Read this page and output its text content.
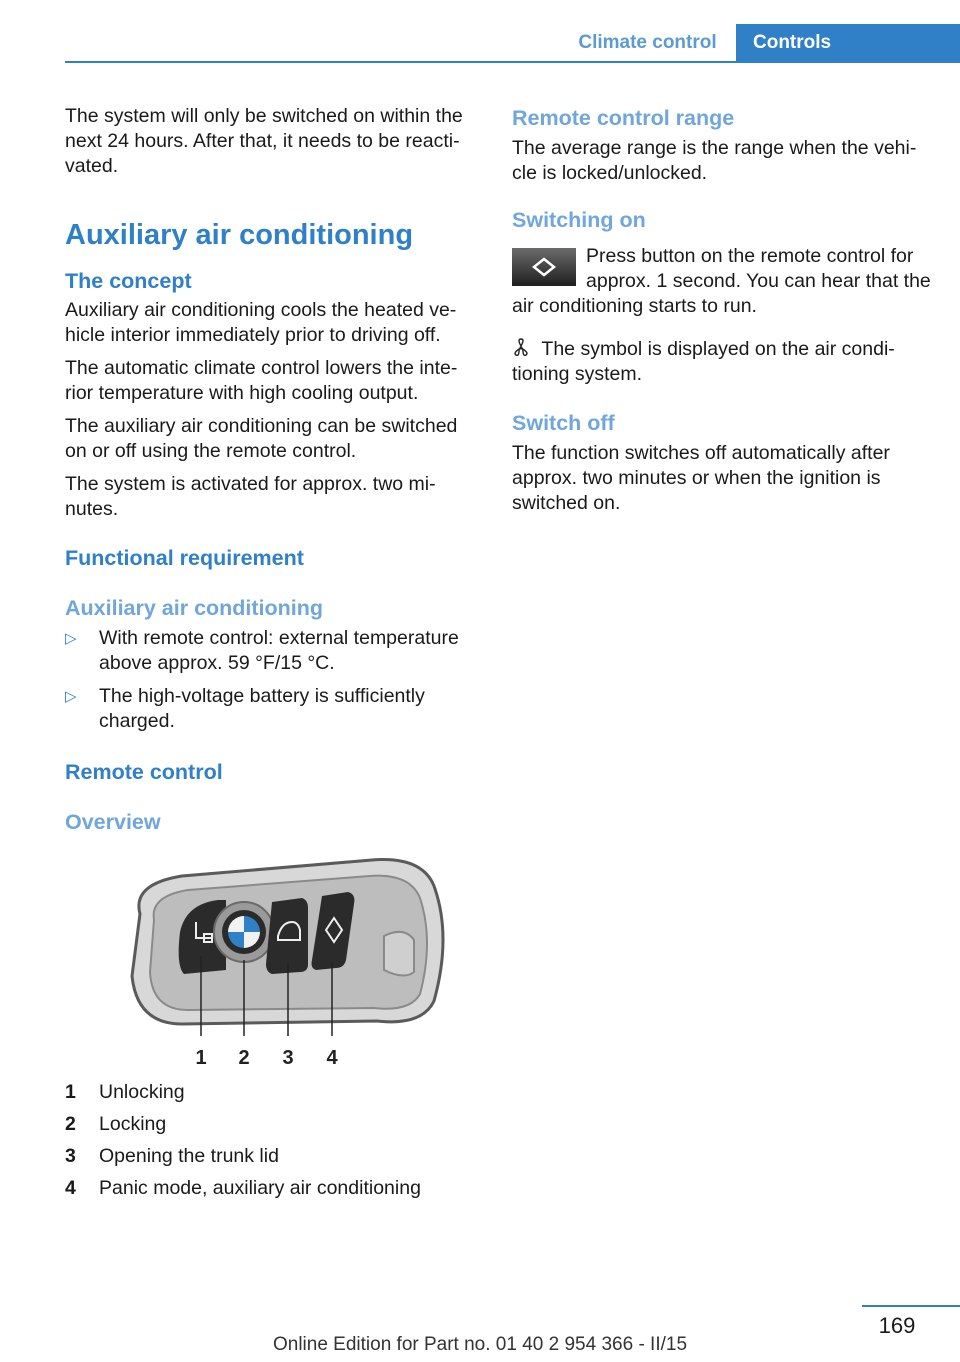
Climate control	Controls

The system will only be switched on within the next 24 hours. After that, it needs to be reacti- vated.

Auxiliary air conditioning
The concept

Auxiliary air conditioning cools the heated ve- hicle interior immediately prior to driving off.

The automatic climate control lowers the inte- rior temperature with high cooling output.

The auxiliary air conditioning can be switched on or off using the remote control.

The system is activated for approx. two mi- nutes.

Functional requirement
Auxiliary air conditioning
▷ With remote control: external temperature above approx. 59 °F/15 °C.
▷ The high-voltage battery is sufficiently charged.
Remote control
Overview
1 2 3 4
1	Unlocking
2	Locking
3	Opening the trunk lid
4	Panic mode, auxiliary air conditioning
Remote control range

The average range is the range when the vehi- cle is locked/unlocked.

Switching on

Press button on the remote control for approx. 1 second. You can hear that the air conditioning starts to run.

The symbol is displayed on the air condi- tioning system.

Switch off

The function switches off automatically after approx. two minutes or when the ignition is switched on.

169
Online Edition for Part no. 01 40 2 954 366 - II/15
